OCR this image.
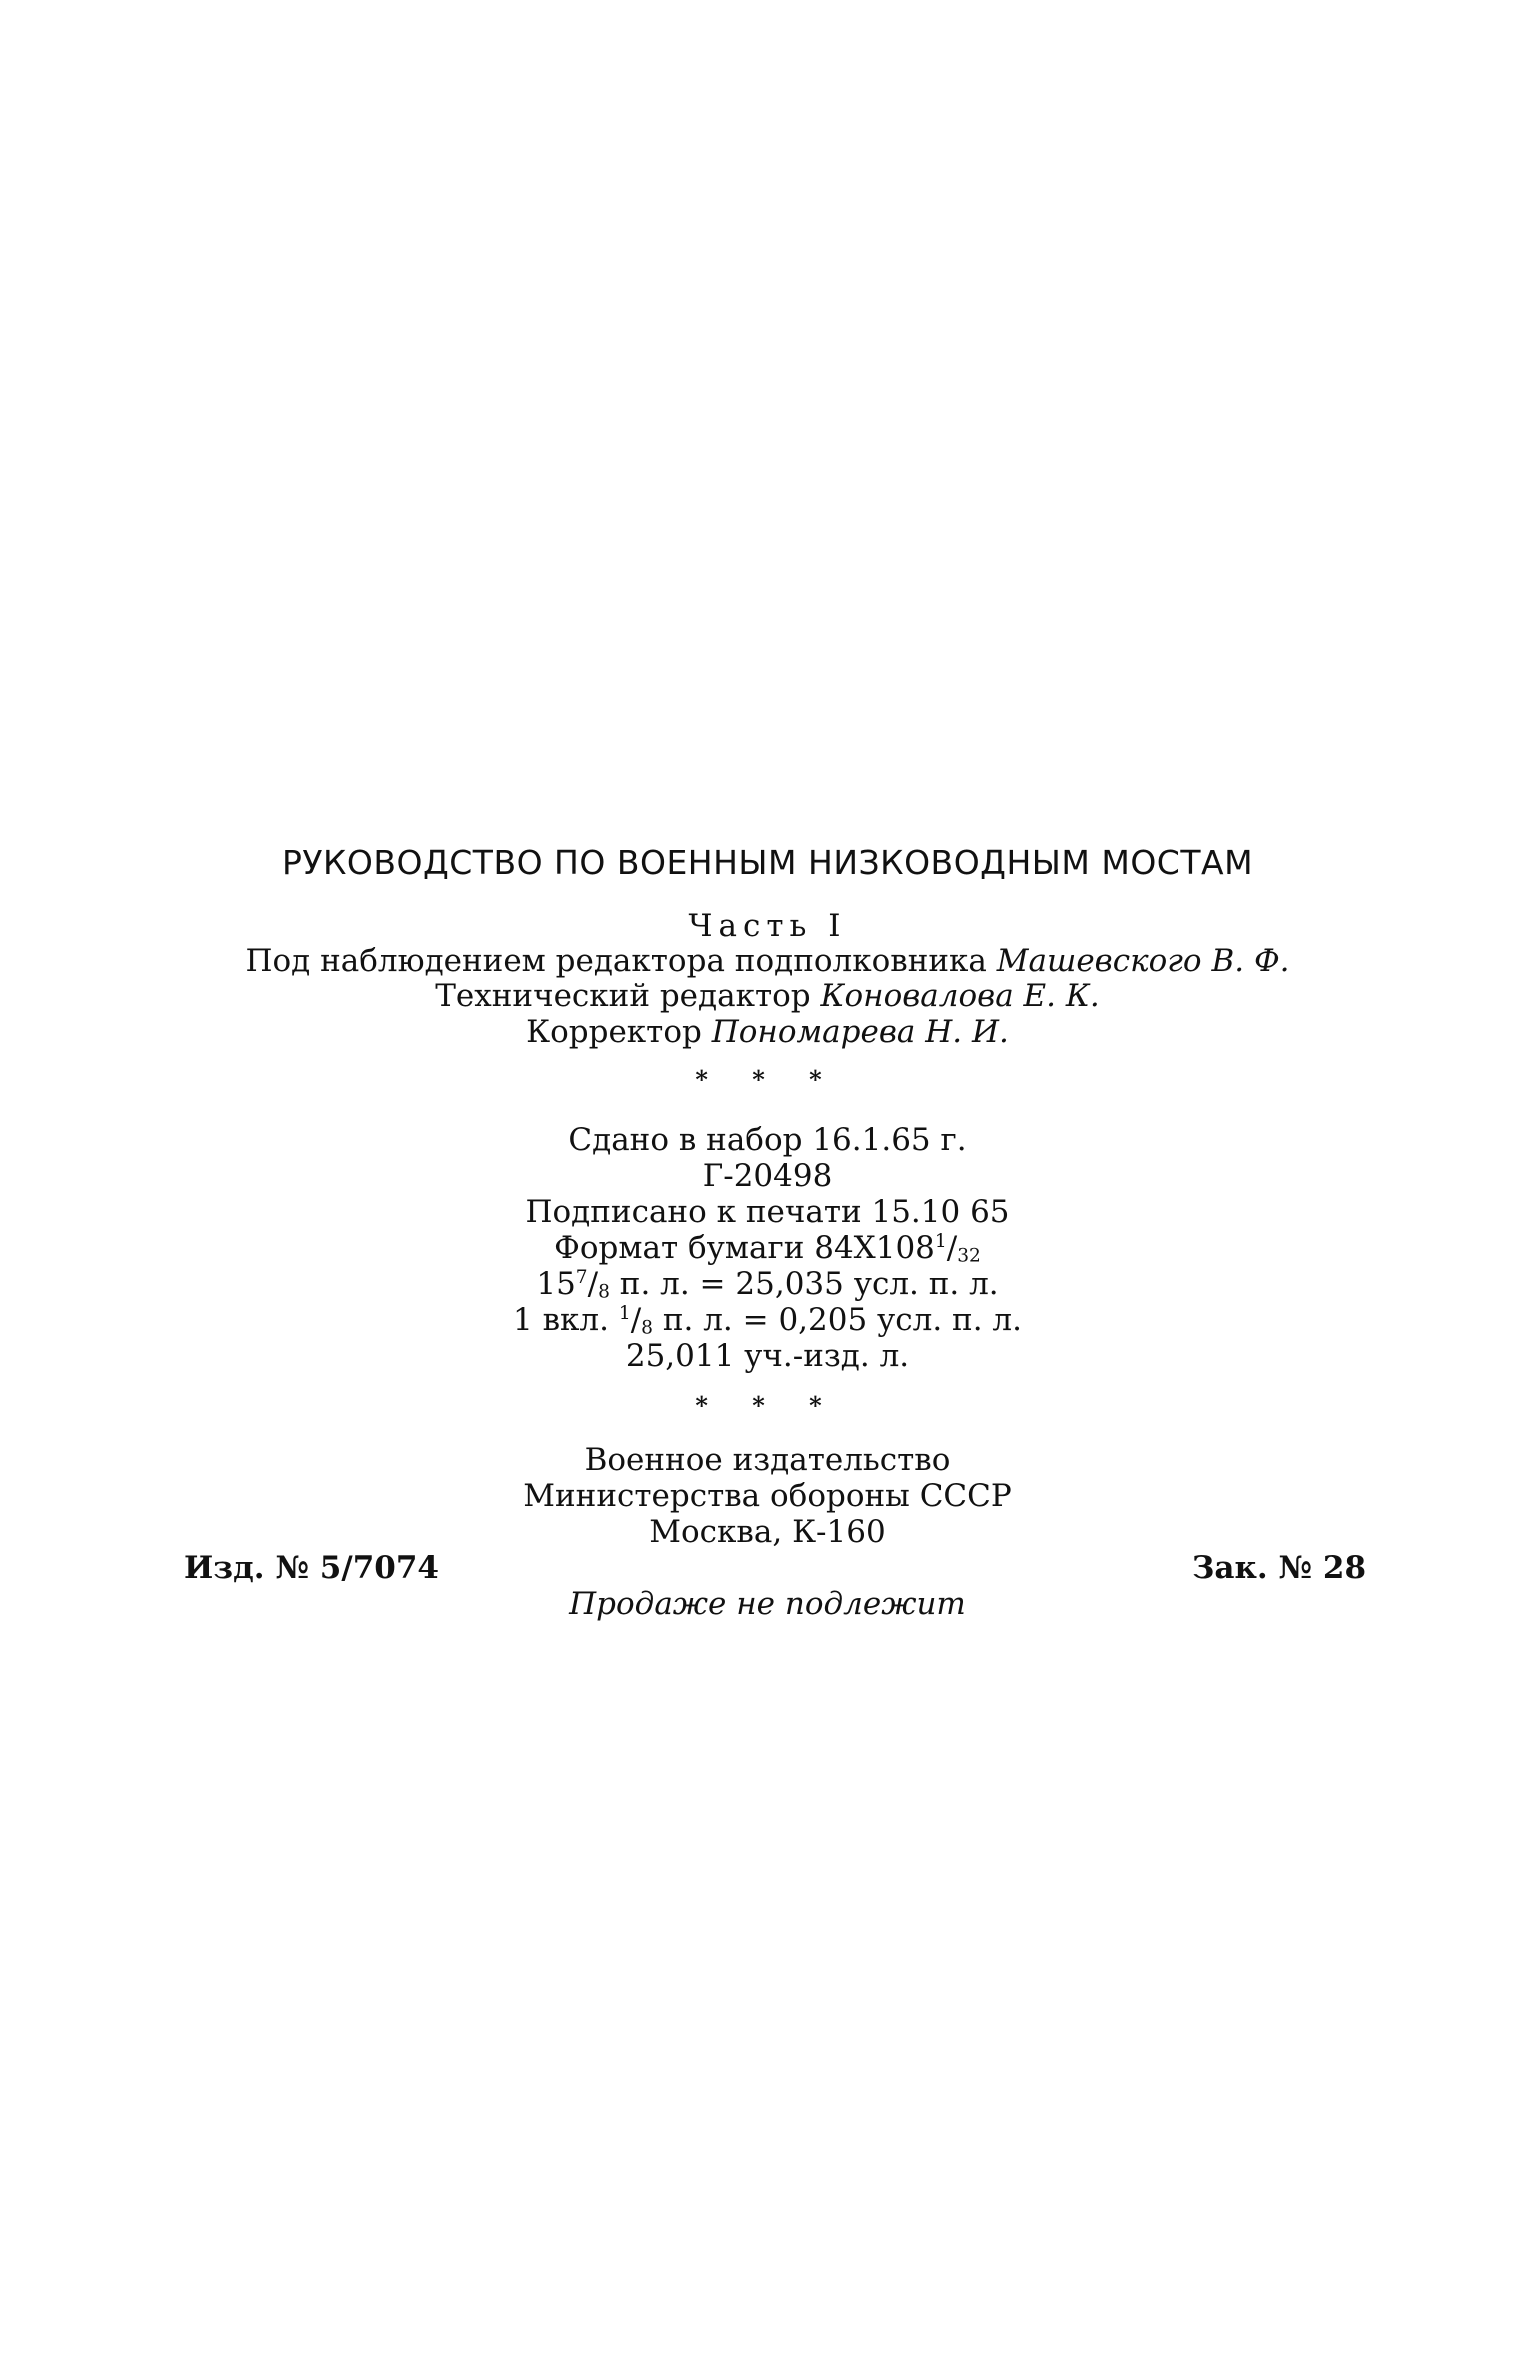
РУКОВОДСТВО ПО ВОЕННЫМ НИЗКОВОДНЫМ МОСТАМ
Часть I
Под наблюдением редактора подполковника Машевского В. Ф.
Технический редактор Коновалова Е. К.
Корректор Пономарева Н. И.
* * *
Сдано в набор 16.1.65 г.
Г-20498
Подписано к печати 15.10 65
Формат бумаги $84Х108^1/_{32}$
$15^7/_8$ п. л. = 25,035 усл. п. л.
1 вкл. $^1/_8$ п. л. = 0,205 усл. п. л.
25,011 уч.-изд. л.
* * *
Военное издательство
Министерства обороны СССР
Москва, К-160
Изд. № 5/7074	Зак. № 28
Продаже не подлежит
